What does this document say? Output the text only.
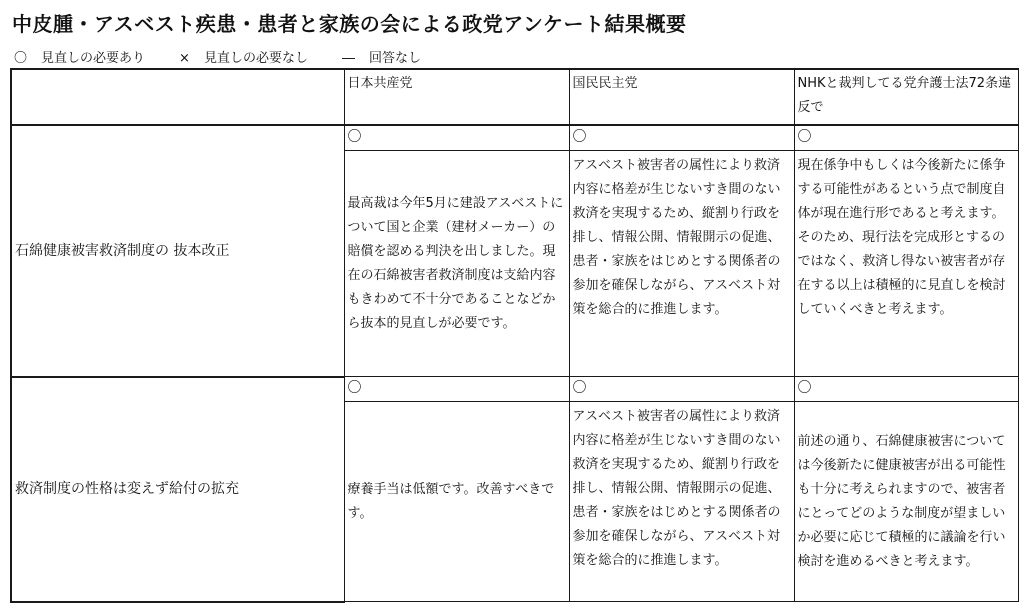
中皮腫・アスベスト疾患・患者と家族の会による政党アンケート結果概要
〇 見直しの必要あり	× 見直しの必要なし	― 回答なし
	日本共産党	国民民主党	NHKと裁判してる党弁護士法72条違反で
石綿健康被害救済制度の 抜本改正	〇	〇	〇
	最高裁は今年5月に建設アスベストについて国と企業（建材メーカー）の賠償を認める判決を出しました。現在の石綿被害者救済制度は支給内容もきわめて不十分であることなどから抜本的見直しが必要です。	アスベスト被害者の属性により救済内容に格差が生じないすき間のない救済を実現するため、縦割り行政を排し、情報公開、情報開示の促進、患者・家族をはじめとする関係者の参加を確保しながら、アスベスト対策を総合的に推進します。	現在係争中もしくは今後新たに係争する可能性があるという点で制度自体が現在進行形であると考えます。そのため、現行法を完成形とするのではなく、救済し得ない被害者が存在する以上は積極的に見直しを検討していくべきと考えます。
救済制度の性格は変えず給付の拡充	〇	〇	〇
	療養手当は低額です。改善すべきです。	アスベスト被害者の属性により救済内容に格差が生じないすき間のない救済を実現するため、縦割り行政を排し、情報公開、情報開示の促進、患者・家族をはじめとする関係者の参加を確保しながら、アスベスト対策を総合的に推進します。	前述の通り、石綿健康被害については今後新たに健康被害が出る可能性も十分に考えられますので、被害者にとってどのような制度が望ましいか必要に応じて積極的に議論を行い検討を進めるべきと考えます。
